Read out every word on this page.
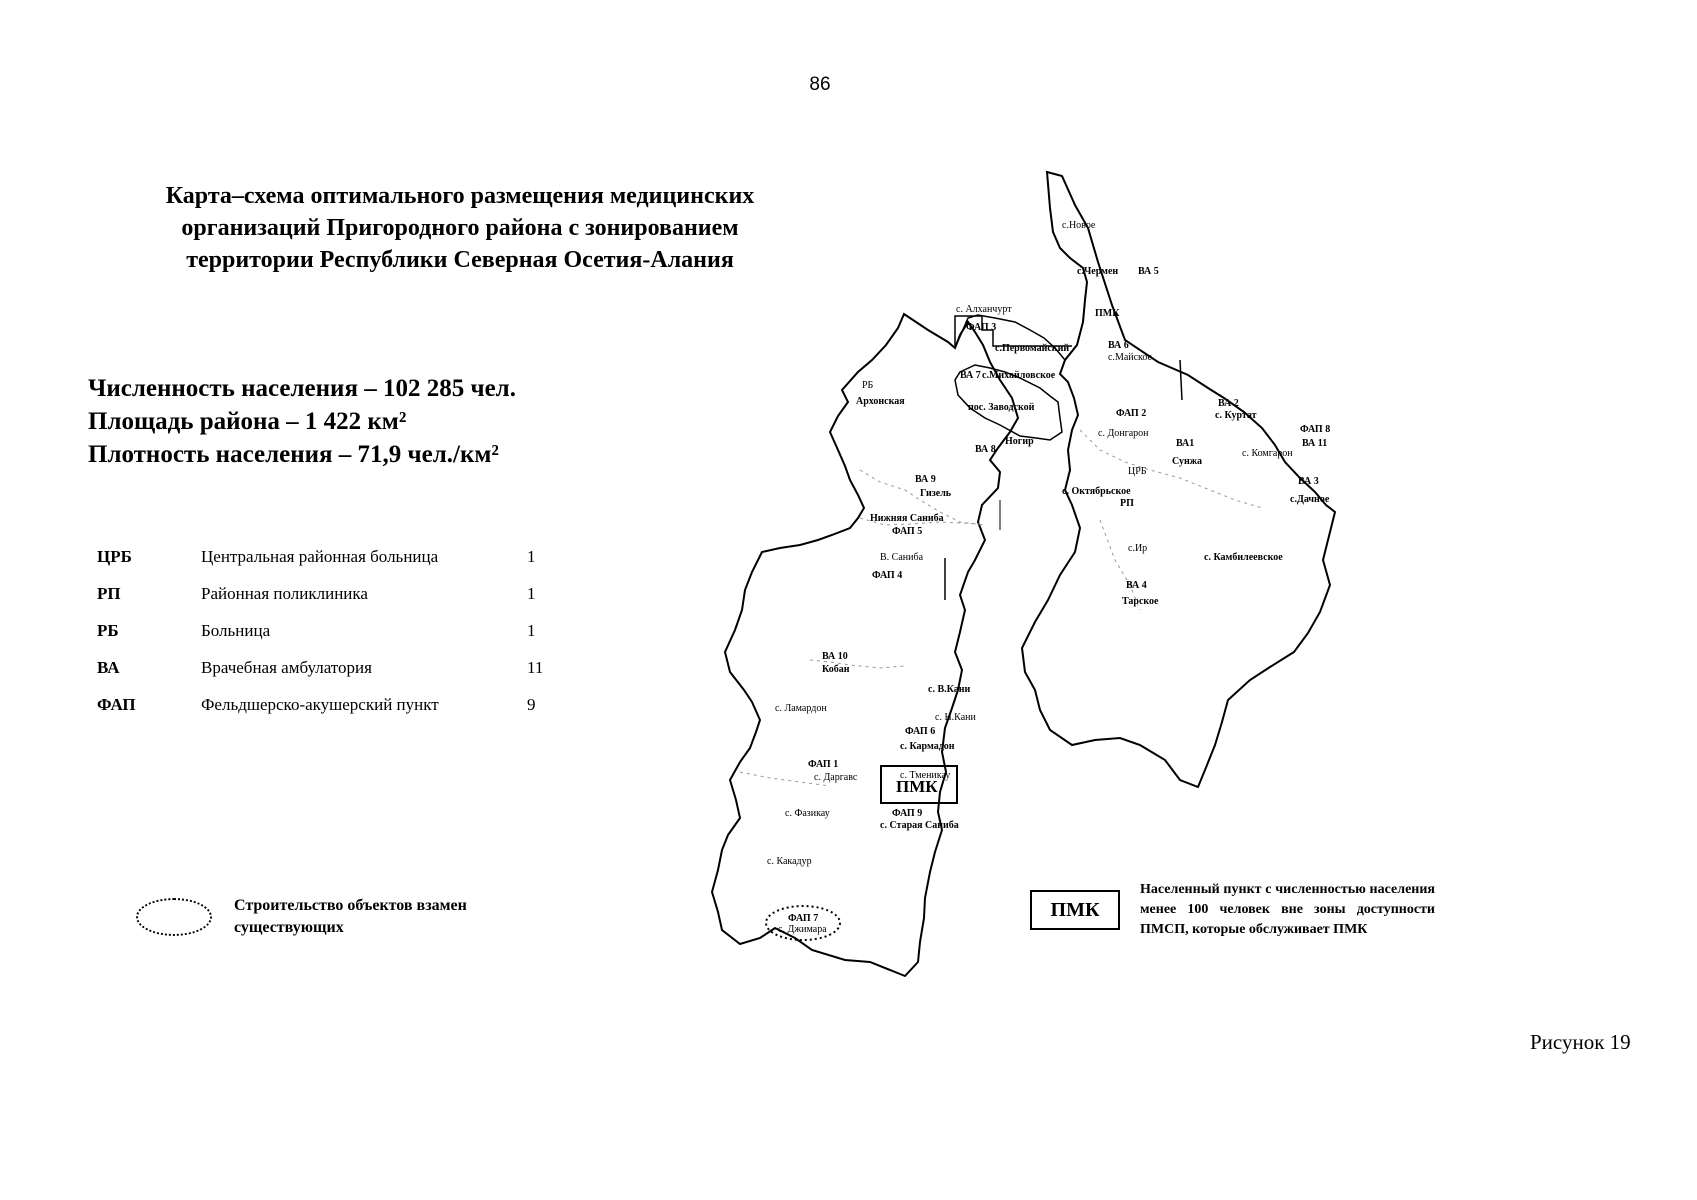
86
Карта–схема оптимального размещения медицинских
организаций Пригородного района с зонированием
территории Республики Северная Осетия-Алания
Численность населения – 102 285 чел.
Площадь района – 1 422 км²
Плотность населения – 71,9 чел./км²
ЦРБ	Центральная районная больница	1
РП	Районная поликлиника	1
РБ	Больница	1
ВА	Врачебная амбулатория	11
ФАП	Фельдшерско-акушерский пункт	9
Строительство объектов взамен
существующих
ПМК
Населенный пункт с численностью населения менее 100 человек вне зоны доступности ПМСП, которые обслуживает ПМК
Рисунок 19
с.Новое
с.Чермен ВА 5
с. Алханчурт
ФАП 3
ПМК
с.Первомайский	ВА 6
с.Майское
ВА 7 с.Михайловское
РБ
Архонская
пос. Заводской
ФАП 2
ВА 2
с. Куртат
с. Донгарон
Ногир
ВА 8
ФАП 8
ВА 11
с. Комгарон
ВА1
Сунжа
ЦРБ
ВА 3
с. Октябрьское
РП	с.Дачное
ВА 9
Гизель
Нижняя Саниба
ФАП 5
с.Ир
с. Камбилеевское
В. Саниба
ФАП 4
ВА 4
Тарское
ВА 10
Кобан
с. В.Кани
с. Ламардон
с. Н.Кани
ФАП 6
с. Кармадон
ФАП 1
с. Даргавс	с. Тменикау
ПМК
с. Фазикау	ФАП 9
с. Старая Саниба
с. Какадур
ФАП 7
с. Джимара
